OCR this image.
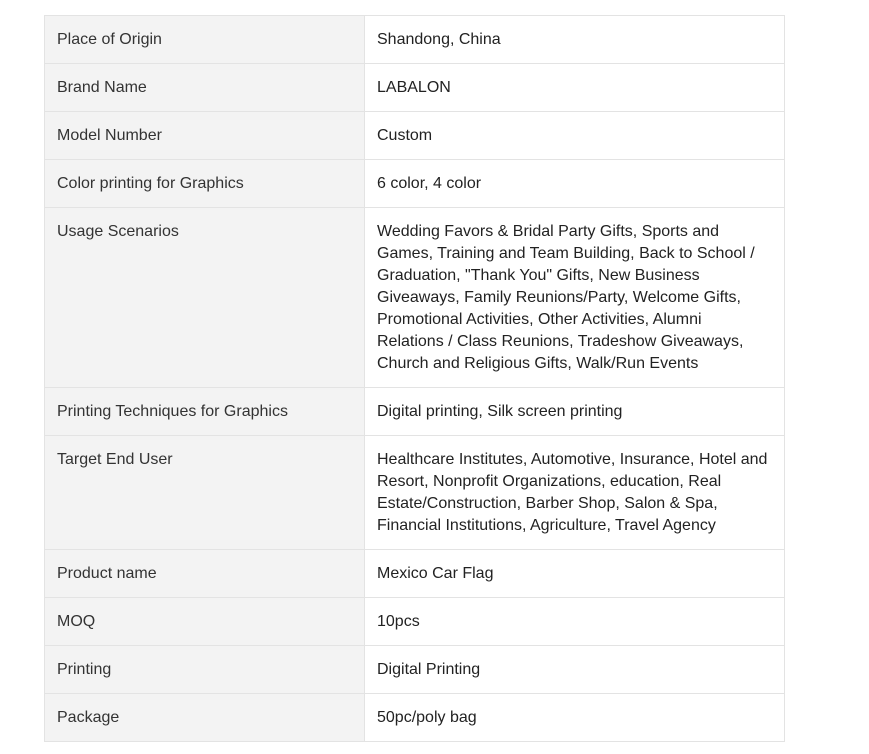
Place of Origin	Shandong, China
Brand Name	LABALON
Model Number	Custom
Color printing for Graphics	6 color, 4 color
Usage Scenarios	Wedding Favors & Bridal Party Gifts, Sports and Games, Training and Team Building, Back to School / Graduation, "Thank You" Gifts, New Business Giveaways, Family Reunions/Party, Welcome Gifts, Promotional Activities, Other Activities, Alumni Relations / Class Reunions, Tradeshow Giveaways, Church and Religious Gifts, Walk/Run Events
Printing Techniques for Graphics	Digital printing, Silk screen printing
Target End User	Healthcare Institutes, Automotive, Insurance, Hotel and Resort, Nonprofit Organizations, education, Real Estate/Construction, Barber Shop, Salon & Spa, Financial Institutions, Agriculture, Travel Agency
Product name	Mexico Car Flag
MOQ	10pcs
Printing	Digital Printing
Package	50pc/poly bag
